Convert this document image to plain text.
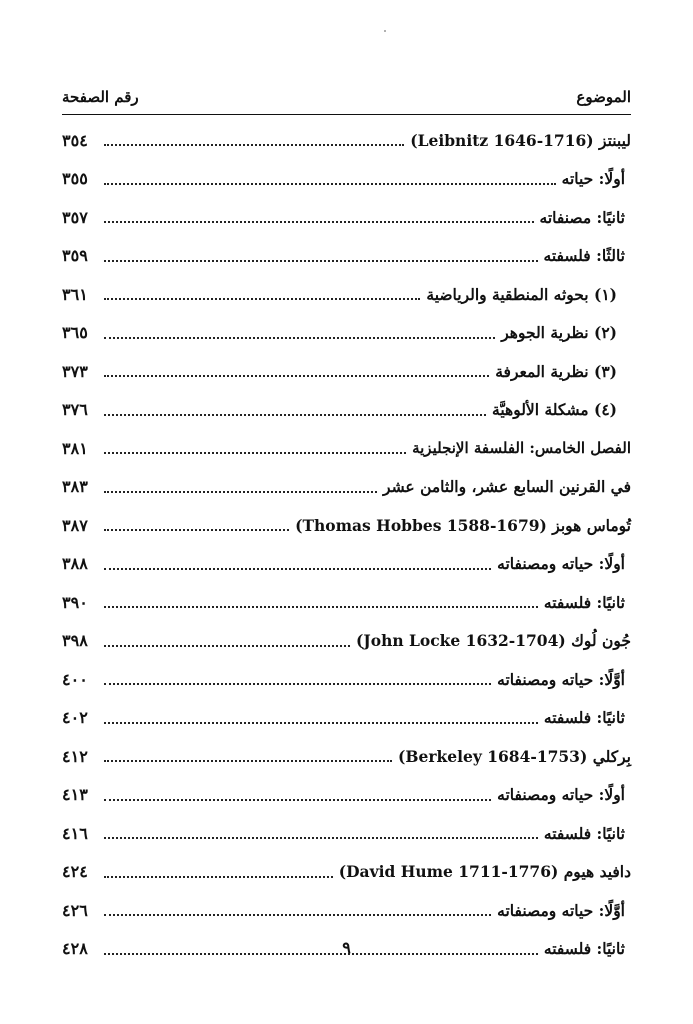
الموضوع
رقم الصفحة
ليبنتز (Leibnitz 1646-1716)
٣٥٤
أولًا: حياته
٣٥٥
ثانيًا: مصنفاته
٣٥٧
ثالثًا: فلسفته
٣٥٩
(١) بحوثه المنطقية والرياضية
٣٦١
(٢) نظرية الجوهر
٣٦٥
(٣) نظرية المعرفة
٣٧٣
(٤) مشكلة الألوهيَّة
٣٧٦
الفصل الخامس: الفلسفة الإنجليزية
٣٨١
في القرنين السابع عشر، والثامن عشر
٣٨٣
تُوماس هوبز (Thomas Hobbes 1588-1679)
٣٨٧
أولًا: حياته ومصنفاته
٣٨٨
ثانيًا: فلسفته
٣٩٠
جُون لُوك (John Locke 1632-1704)
٣٩٨
أوَّلًا: حياته ومصنفاته
٤٠٠
ثانيًا: فلسفته
٤٠٢
بِركلي (Berkeley 1684-1753)
٤١٢
أولًا: حياته ومصنفاته
٤١٣
ثانيًا: فلسفته
٤١٦
دافيد هيوم (David Hume 1711-1776)
٤٢٤
أوَّلًا: حياته ومصنفاته
٤٢٦
ثانيًا: فلسفته
٤٢٨	٩
